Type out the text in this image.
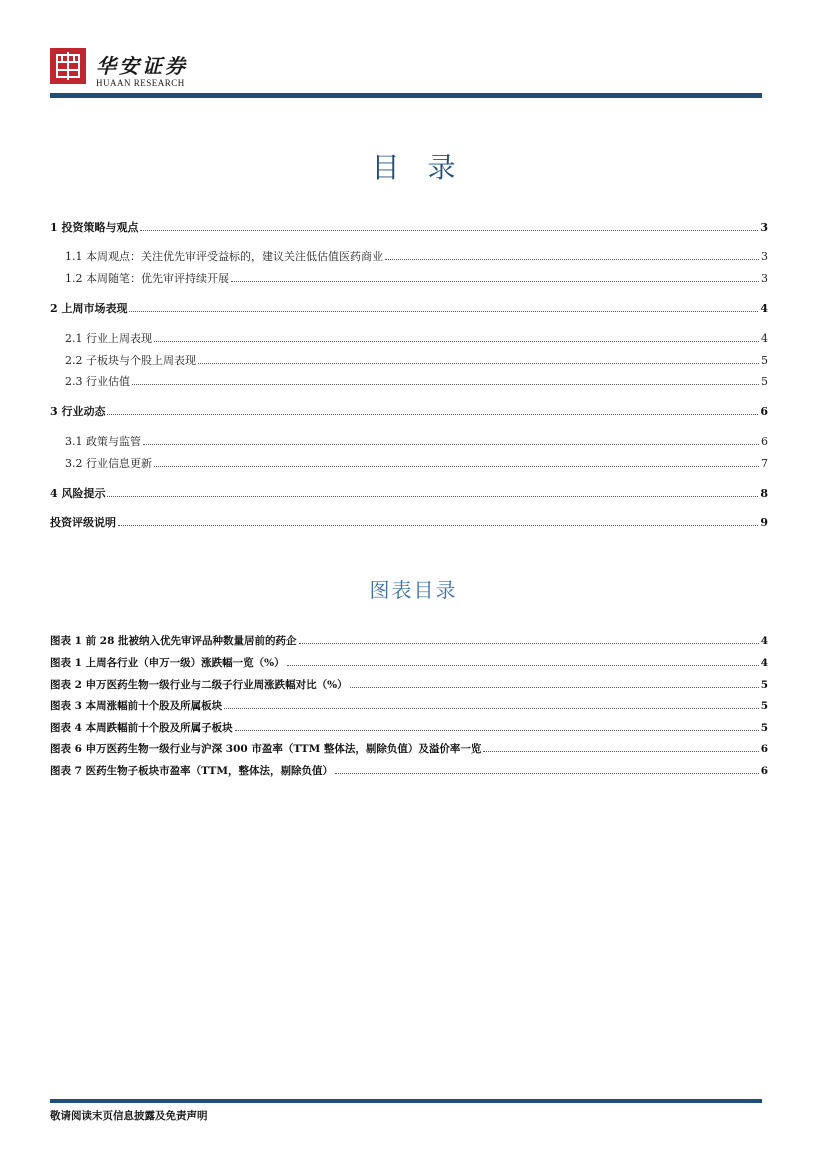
华安证券
HUAAN RESEARCH
目录
1 投资策略与观点	3
1.1 本周观点：关注优先审评受益标的，建议关注低估值医药商业	3
1.2 本周随笔：优先审评持续开展	3
2 上周市场表现	4
2.1 行业上周表现	4
2.2 子板块与个股上周表现	5
2.3 行业估值	5
3 行业动态	6
3.1 政策与监管	6
3.2 行业信息更新	7
4 风险提示	8
投资评级说明	9
图表目录
图表 1 前 28 批被纳入优先审评品种数量居前的药企	4
图表 1 上周各行业（申万一级）涨跌幅一览（%）	4
图表 2 申万医药生物一级行业与二级子行业周涨跌幅对比（%）	5
图表 3 本周涨幅前十个股及所属板块	5
图表 4 本周跌幅前十个股及所属子板块	5
图表 6 申万医药生物一级行业与沪深 300 市盈率（TTM 整体法，剔除负值）及溢价率一览	6
图表 7 医药生物子板块市盈率（TTM，整体法，剔除负值）	6
敬请阅读末页信息披露及免责声明
